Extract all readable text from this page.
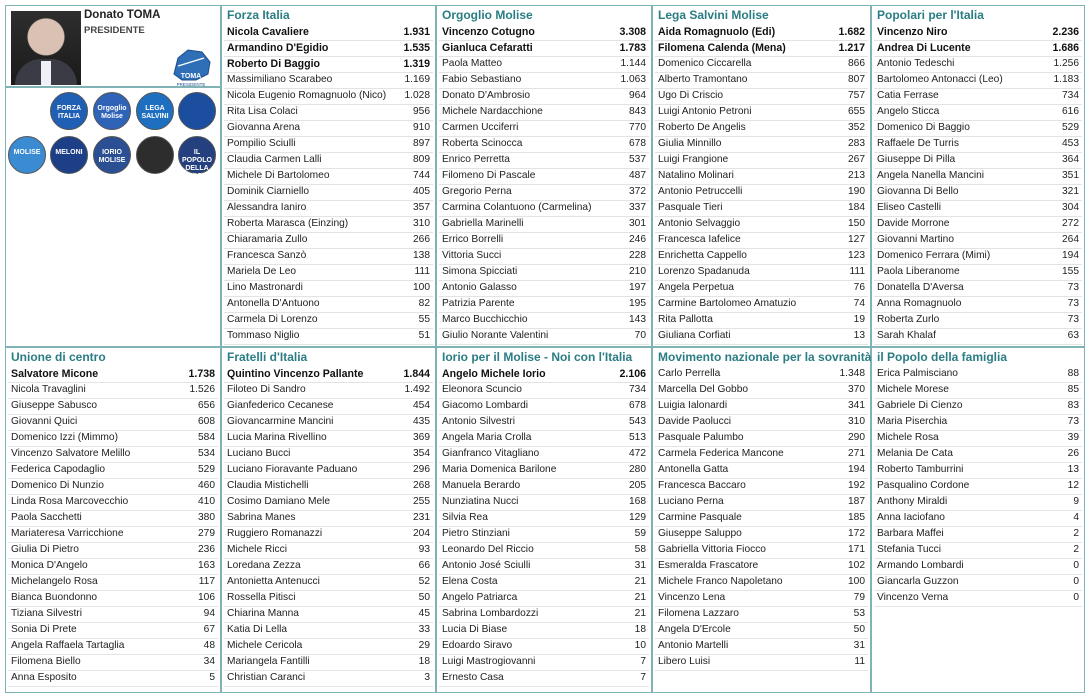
Donato TOMA
PRESIDENTE
TOMA
PRESIDENTE
FORZA ITALIA
Orgoglio Molise
LEGA SALVINI
MOLISE	MELONI	IORIO MOLISE
IL POPOLO DELLA FAMIGLIA
Forza Italia
Nicola Cavaliere	1.931
Armandino D'Egidio	1.535
Roberto Di Baggio	1.319
Massimiliano Scarabeo	1.169
Nicola Eugenio Romagnuolo (Nico) 1.028
Rita Lisa Colaci	956
Giovanna Arena	910
Pompilio Sciulli	897
Claudia Carmen Lalli	809
Michele Di Bartolomeo	744
Dominik Ciarniello	405
Alessandra Ianiro	357
Roberta Marasca (Einzing)	310
Chiaramaria Zullo	266
Francesca Sanzò	138
Mariela De Leo	111
Lino Mastronardi	100
Antonella D'Antuono	82
Carmela Di Lorenzo	55
Tommaso Niglio	51
Orgoglio Molise
Vincenzo Cotugno	3.308
Gianluca Cefaratti	1.783
Paola Matteo	1.144
Fabio Sebastiano	1.063
Donato D'Ambrosio	964
Michele Nardacchione	843
Carmen Ucciferri	770
Roberta Scinocca	678
Enrico Perretta	537
Filomeno Di Pascale	487
Gregorio Perna	372
Carmina Colantuono (Carmelina)	337
Gabriella Marinelli	301
Errico Borrelli	246
Vittoria Succi	228
Simona Spicciati	210
Antonio Galasso	197
Patrizia Parente	195
Marco Bucchicchio	143
Giulio Norante Valentini	70
Lega Salvini Molise
Aida Romagnuolo (Edi)	1.682
Filomena Calenda (Mena)	1.217
Domenico Ciccarella	866
Alberto Tramontano	807
Ugo Di Criscio	757
Luigi Antonio Petroni	655
Roberto De Angelis	352
Giulia Minnillo	283
Luigi Frangione	267
Natalino Molinari	213
Antonio Petruccelli	190
Pasquale Tieri	184
Antonio Selvaggio	150
Francesca Iafelice	127
Enrichetta Cappello	123
Lorenzo Spadanuda	111
Angela Perpetua	76
Carmine Bartolomeo Amatuzio	74
Rita Pallotta	19
Giuliana Corfiati	13
Popolari per l'Italia
Vincenzo Niro	2.236
Andrea Di Lucente	1.686
Antonio Tedeschi	1.256
Bartolomeo Antonacci (Leo)	1.183
Catia Ferrase	734
Angelo Sticca	616
Domenico Di Baggio	529
Raffaele De Turris	453
Giuseppe Di Pilla	364
Angela Nanella Mancini	351
Giovanna Di Bello	321
Eliseo Castelli	304
Davide Morrone	272
Giovanni Martino	264
Domenico Ferrara (Mimi)	194
Paola Liberanome	155
Donatella D'Aversa	73
Anna Romagnuolo	73
Roberta Zurlo	73
Sarah Khalaf	63
Unione di centro
Salvatore Micone	1.738
Nicola Travaglini	1.526
Giuseppe Sabusco	656
Giovanni Quici	608
Domenico Izzi (Mimmo)	584
Vincenzo Salvatore Melillo	534
Federica Capodaglio	529
Domenico Di Nunzio	460
Linda Rosa Marcovecchio	410
Paola Sacchetti	380
Mariateresa Varricchione	279
Giulia Di Pietro	236
Monica D'Angelo	163
Michelangelo Rosa	117
Bianca Buondonno	106
Tiziana Silvestri	94
Sonia Di Prete	67
Angela Raffaela Tartaglia	48
Filomena Biello	34
Anna Esposito	5
Fratelli d'Italia
Quintino Vincenzo Pallante	1.844
Filoteo Di Sandro	1.492
Gianfederico Cecanese	454
Giovancarmine Mancini	435
Lucia Marina Rivellino	369
Luciano Bucci	354
Luciano Fioravante Paduano	296
Claudia Mistichelli	268
Cosimo Damiano Mele	255
Sabrina Manes	231
Ruggiero Romanazzi	204
Michele Ricci	93
Loredana Zezza	66
Antonietta Antenucci	52
Rossella Pitisci	50
Chiarina Manna	45
Katia Di Lella	33
Michele Cericola	29
Mariangela Fantilli	18
Christian Caranci	3
Iorio per il Molise - Noi con l'Italia
Angelo Michele Iorio	2.106
Eleonora Scuncio	734
Giacomo Lombardi	678
Antonio Silvestri	543
Angela Maria Crolla	513
Gianfranco Vitagliano	472
Maria Domenica Barilone	280
Manuela Berardo	205
Nunziatina Nucci	168
Silvia Rea	129
Pietro Stinziani	59
Leonardo Del Riccio	58
Antonio José Sciulli	31
Elena Costa	21
Angelo Patriarca	21
Sabrina Lombardozzi	21
Lucia Di Biase	18
Edoardo Siravo	10
Luigi Mastrogiovanni	7
Ernesto Casa	7
Movimento nazionale per la sovranità
Carlo Perrella	1.348
Marcella Del Gobbo	370
Luigia Ialonardi	341
Davide Paolucci	310
Pasquale Palumbo	290
Carmela Federica Mancone	271
Antonella Gatta	194
Francesca Baccaro	192
Luciano Perna	187
Carmine Pasquale	185
Giuseppe Saluppo	172
Gabriella Vittoria Fiocco	171
Esmeralda Frascatore	102
Michele Franco Napoletano	100
Vincenzo Lena	79
Filomena Lazzaro	53
Angela D'Ercole	50
Antonio Martelli	31
Libero Luisi	11
il Popolo della famiglia
Erica Palmisciano	88
Michele Morese	85
Gabriele Di Cienzo	83
Maria Piserchia	73
Michele Rosa	39
Melania De Cata	26
Roberto Tamburrini	13
Pasqualino Cordone	12
Anthony Miraldi	9
Anna Iaciofano	4
Barbara Maffei	2
Stefania Tucci	2
Armando Lombardi	0
Giancarla Guzzon	0
Vincenzo Verna	0
